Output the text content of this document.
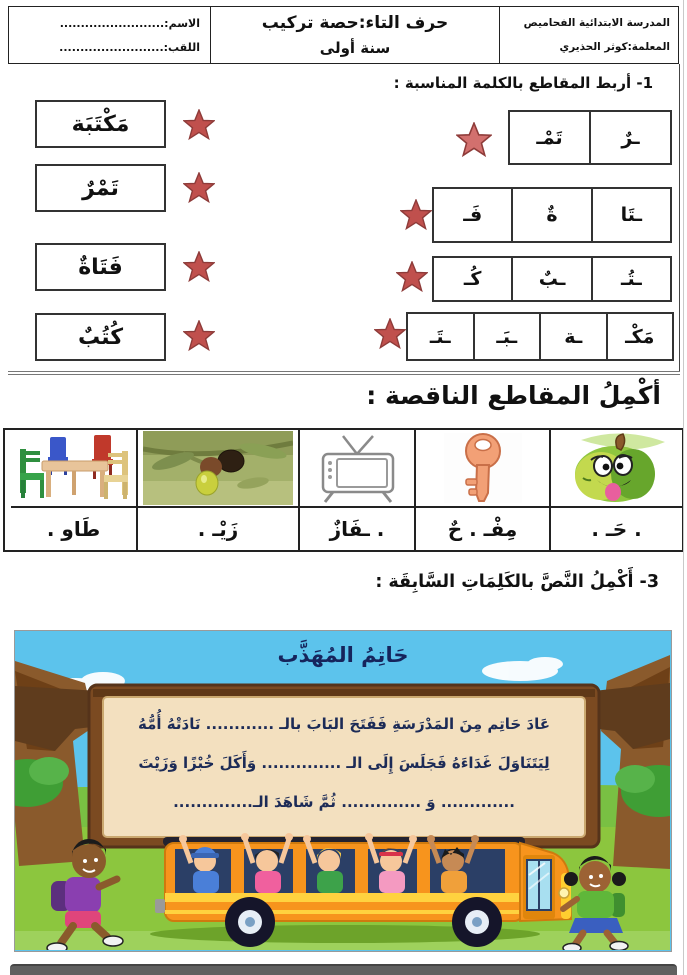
الاسم:.........................
اللقب:.........................
حرف التاء:حصة تركيب
سنة أولى
المدرسة الابتدائية الفحاميص
المعلمة:كوثر الحذيري
1- أربط المقاطع بالكلمة المناسبة :
مَكْتَبَة
تَمْرٌ
فَتَاةٌ
كُتُبٌ
ـرٌ
تَمْـ
ـتَا
ةٌ
فَـ
ـتُـ
ـبٌ
كُـ
مَكْـ
ـة
ـبَـ
ـتَـ
أكْمِلُ المقاطع الناقصة :
. حَـ .
مِفْـ . حٌ
. ـفَازٌ
زَيْـ .
طَاو .
3- أَكْمِلُ النَّصَّ بالكَلِمَاتِ السَّابِقَة :
حَاتِمُ المُهَذَّب
عَادَ حَاتِم مِنَ المَدْرَسَةِ فَفَتَحَ البَابَ بالـ ............ نَادَتْهُ أُمُّهُ
لِيَتَنَاوَلَ غَدَاءَهُ فَجَلَسَ إِلَى الـ .............. وَأَكَلَ خُبْزًا وَزَيْتَ
............. وَ .............. ثُمَّ شَاهَدَ الـ..............
